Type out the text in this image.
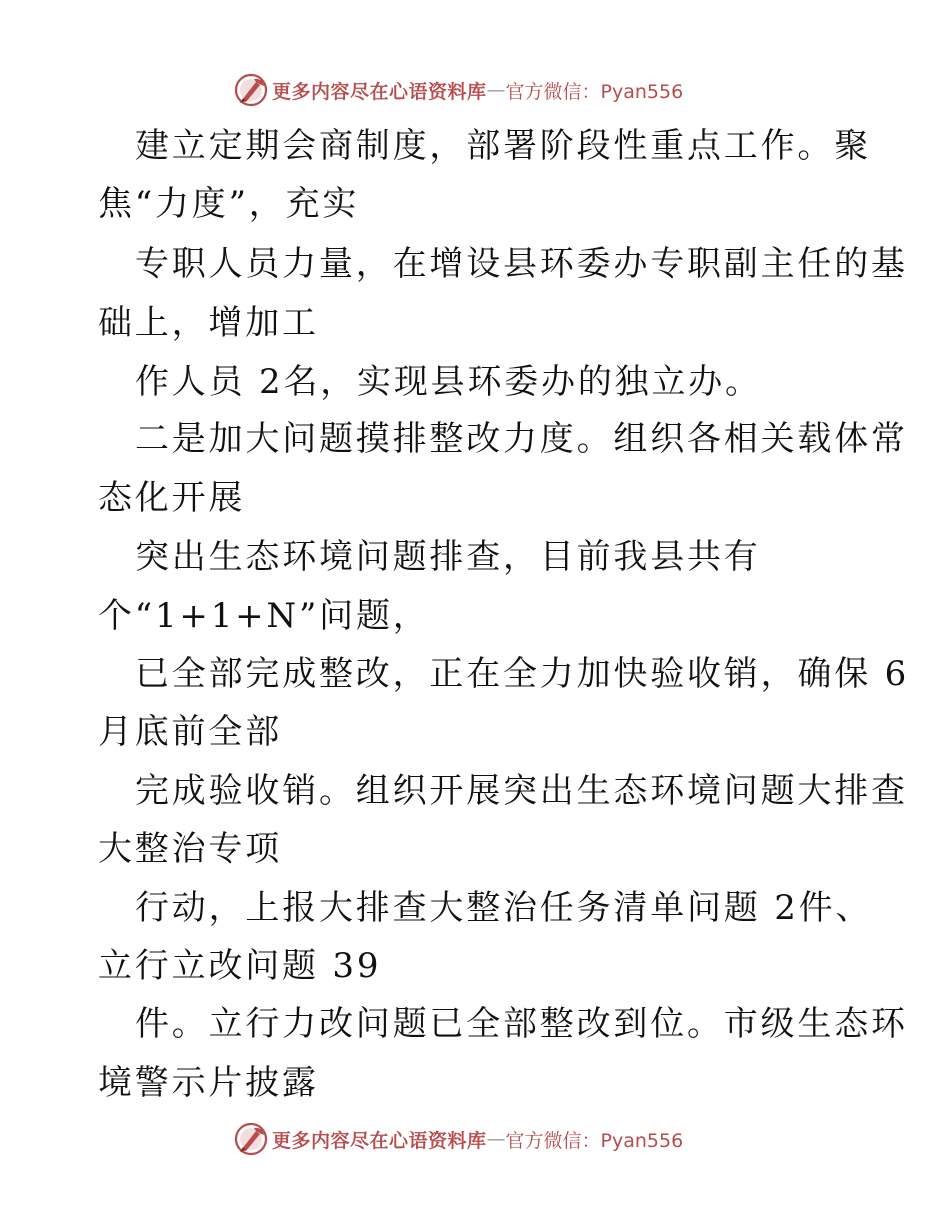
更多内容尽在心语资料库 — 官方微信：Pyan556
建立定期会商制度，部署阶段性重点工作。聚
焦“力度”，充实
专职人员力量，在增设县环委办专职副主任的基
础上，增加工
作人员 2名，实现县环委办的独立办。
二是加大问题摸排整改力度。组织各相关载体常
态化开展
突出生态环境问题排查，目前我县共有
个“1+1+N”问题，
已全部完成整改，正在全力加快验收销，确保 6
月底前全部
完成验收销。组织开展突出生态环境问题大排查
大整治专项
行动，上报大排查大整治任务清单问题 2件、
立行立改问题 39
件。立行力改问题已全部整改到位。市级生态环
境警示片披露
更多内容尽在心语资料库 — 官方微信：Pyan556
